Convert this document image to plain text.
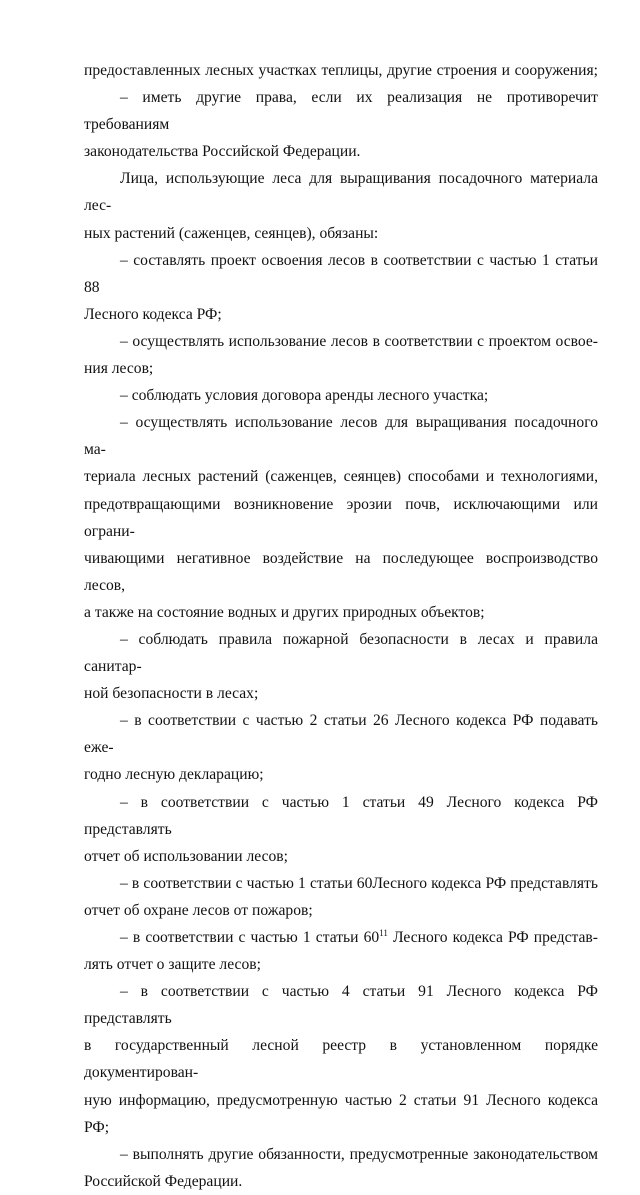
предоставленных лесных участках теплицы, другие строения и сооружения;
– иметь другие права, если их реализация не противоречит требованиям
законодательства Российской Федерации.
Лица, использующие леса для выращивания посадочного материала лес-
ных растений (саженцев, сеянцев), обязаны:
– составлять проект освоения лесов в соответствии с частью 1 статьи 88
Лесного кодекса РФ;
– осуществлять использование лесов в соответствии с проектом освое-
ния лесов;
– соблюдать условия договора аренды лесного участка;
– осуществлять использование лесов для выращивания посадочного ма-
териала лесных растений (саженцев, сеянцев) способами и технологиями,
предотвращающими возникновение эрозии почв, исключающими или ограни-
чивающими негативное воздействие на последующее воспроизводство лесов,
а также на состояние водных и других природных объектов;
– соблюдать правила пожарной безопасности в лесах и правила санитар-
ной безопасности в лесах;
– в соответствии с частью 2 статьи 26 Лесного кодекса РФ подавать еже-
годно лесную декларацию;
– в соответствии с частью 1 статьи 49 Лесного кодекса РФ представлять
отчет об использовании лесов;
– в соответствии с частью 1 статьи 60Лесного кодекса РФ представлять
отчет об охране лесов от пожаров;
– в соответствии с частью 1 статьи $60^{11}$ Лесного кодекса РФ представ-
лять отчет о защите лесов;
– в соответствии с частью 4 статьи 91 Лесного кодекса РФ представлять
в государственный лесной реестр в установленном порядке документирован-
ную информацию, предусмотренную частью 2 статьи 91 Лесного кодекса РФ;
– выполнять другие обязанности, предусмотренные законодательством
Российской Федерации.
